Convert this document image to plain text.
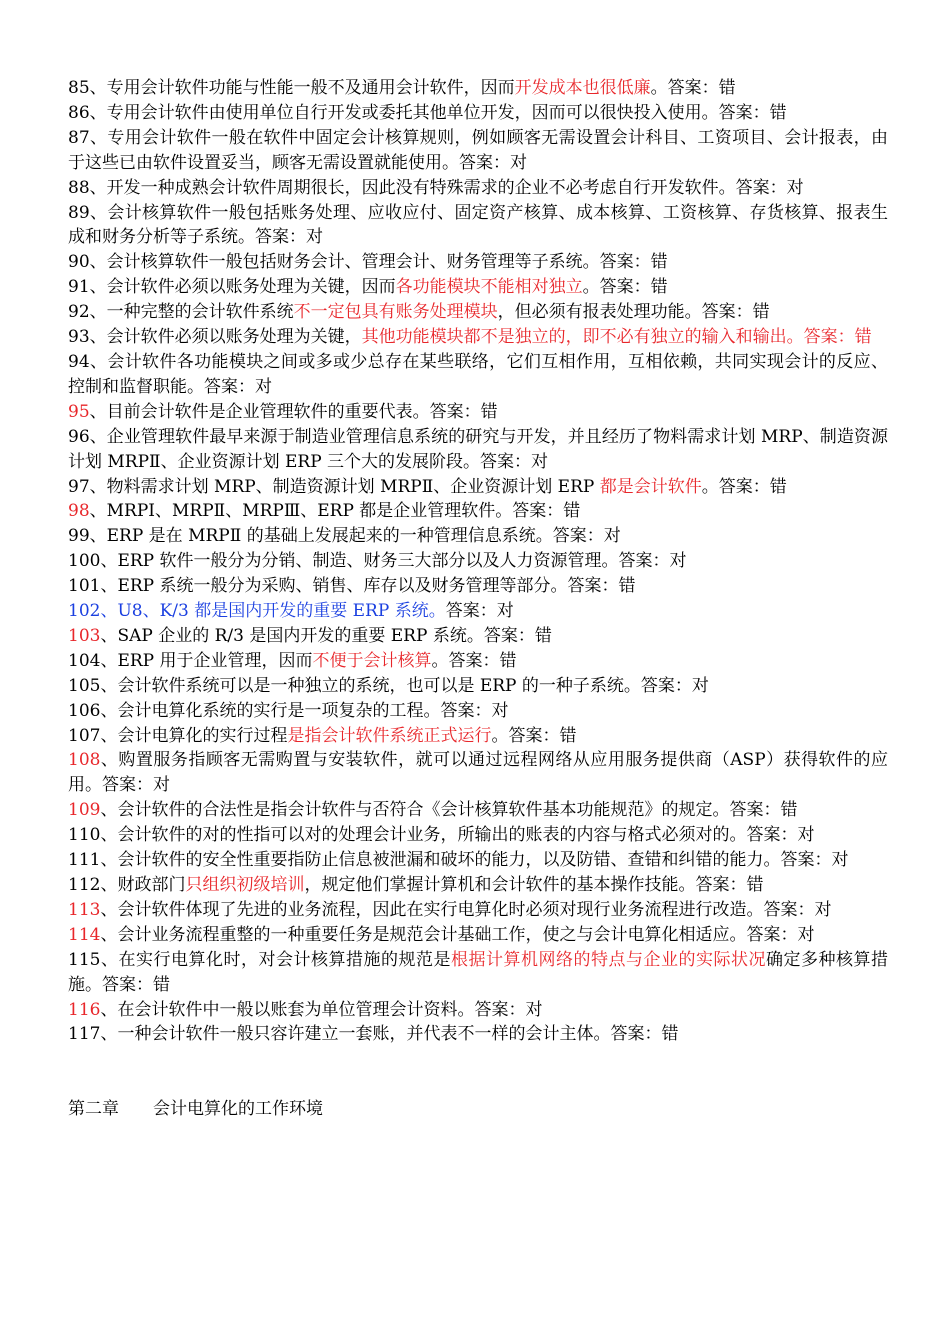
85、专用会计软件功能与性能一般不及通用会计软件，因而开发成本也很低廉。答案：错

86、专用会计软件由使用单位自行开发或委托其他单位开发，因而可以很快投入使用。答案：错

87、专用会计软件一般在软件中固定会计核算规则，例如顾客无需设置会计科目、工资项目、会计报表，由于这些已由软件设置妥当，顾客无需设置就能使用。答案：对

88、开发一种成熟会计软件周期很长，因此没有特殊需求的企业不必考虑自行开发软件。答案：对

89、会计核算软件一般包括账务处理、应收应付、固定资产核算、成本核算、工资核算、存货核算、报表生成和财务分析等子系统。答案：对

90、会计核算软件一般包括财务会计、管理会计、财务管理等子系统。答案：错

91、会计软件必须以账务处理为关键，因而各功能模块不能相对独立。答案：错

92、一种完整的会计软件系统不一定包具有账务处理模块，但必须有报表处理功能。答案：错

93、会计软件必须以账务处理为关键，其他功能模块都不是独立的，即不必有独立的输入和输出。答案：错

94、会计软件各功能模块之间或多或少总存在某些联络，它们互相作用，互相依赖，共同实现会计的反应、控制和监督职能。答案：对

95、目前会计软件是企业管理软件的重要代表。答案：错

96、企业管理软件最早来源于制造业管理信息系统的研究与开发，并且经历了物料需求计划 MRP、制造资源计划 MRPⅡ、企业资源计划 ERP 三个大的发展阶段。答案：对

97、物料需求计划 MRP、制造资源计划 MRPⅡ、企业资源计划 ERP 都是会计软件。答案：错

98、MRPⅠ、MRPⅡ、MRPⅢ、ERP 都是企业管理软件。答案：错

99、ERP 是在 MRPⅡ 的基础上发展起来的一种管理信息系统。答案：对

100、ERP 软件一般分为分销、制造、财务三大部分以及人力资源管理。答案：对

101、ERP 系统一般分为采购、销售、库存以及财务管理等部分。答案：错

102、U8、K/3 都是国内开发的重要 ERP 系统。答案：对

103、SAP 企业的 R/3 是国内开发的重要 ERP 系统。答案：错

104、ERP 用于企业管理，因而不便于会计核算。答案：错

105、会计软件系统可以是一种独立的系统，也可以是 ERP 的一种子系统。答案：对

106、会计电算化系统的实行是一项复杂的工程。答案：对

107、会计电算化的实行过程是指会计软件系统正式运行。答案：错

108、购置服务指顾客无需购置与安装软件，就可以通过远程网络从应用服务提供商（ASP）获得软件的应用。答案：对

109、会计软件的合法性是指会计软件与否符合《会计核算软件基本功能规范》的规定。答案：错

110、会计软件的对的性指可以对的处理会计业务，所输出的账表的内容与格式必须对的。答案：对

111、会计软件的安全性重要指防止信息被泄漏和破坏的能力，以及防错、查错和纠错的能力。答案：对

112、财政部门只组织初级培训，规定他们掌握计算机和会计软件的基本操作技能。答案：错

113、会计软件体现了先进的业务流程，因此在实行电算化时必须对现行业务流程进行改造。答案：对

114、会计业务流程重整的一种重要任务是规范会计基础工作，使之与会计电算化相适应。答案：对

115、在实行电算化时，对会计核算措施的规范是根据计算机网络的特点与企业的实际状况确定多种核算措施。答案：错

116、在会计软件中一般以账套为单位管理会计资料。答案：对

117、一种会计软件一般只容许建立一套账，并代表不一样的会计主体。答案：错

第二章　　会计电算化的工作环境
